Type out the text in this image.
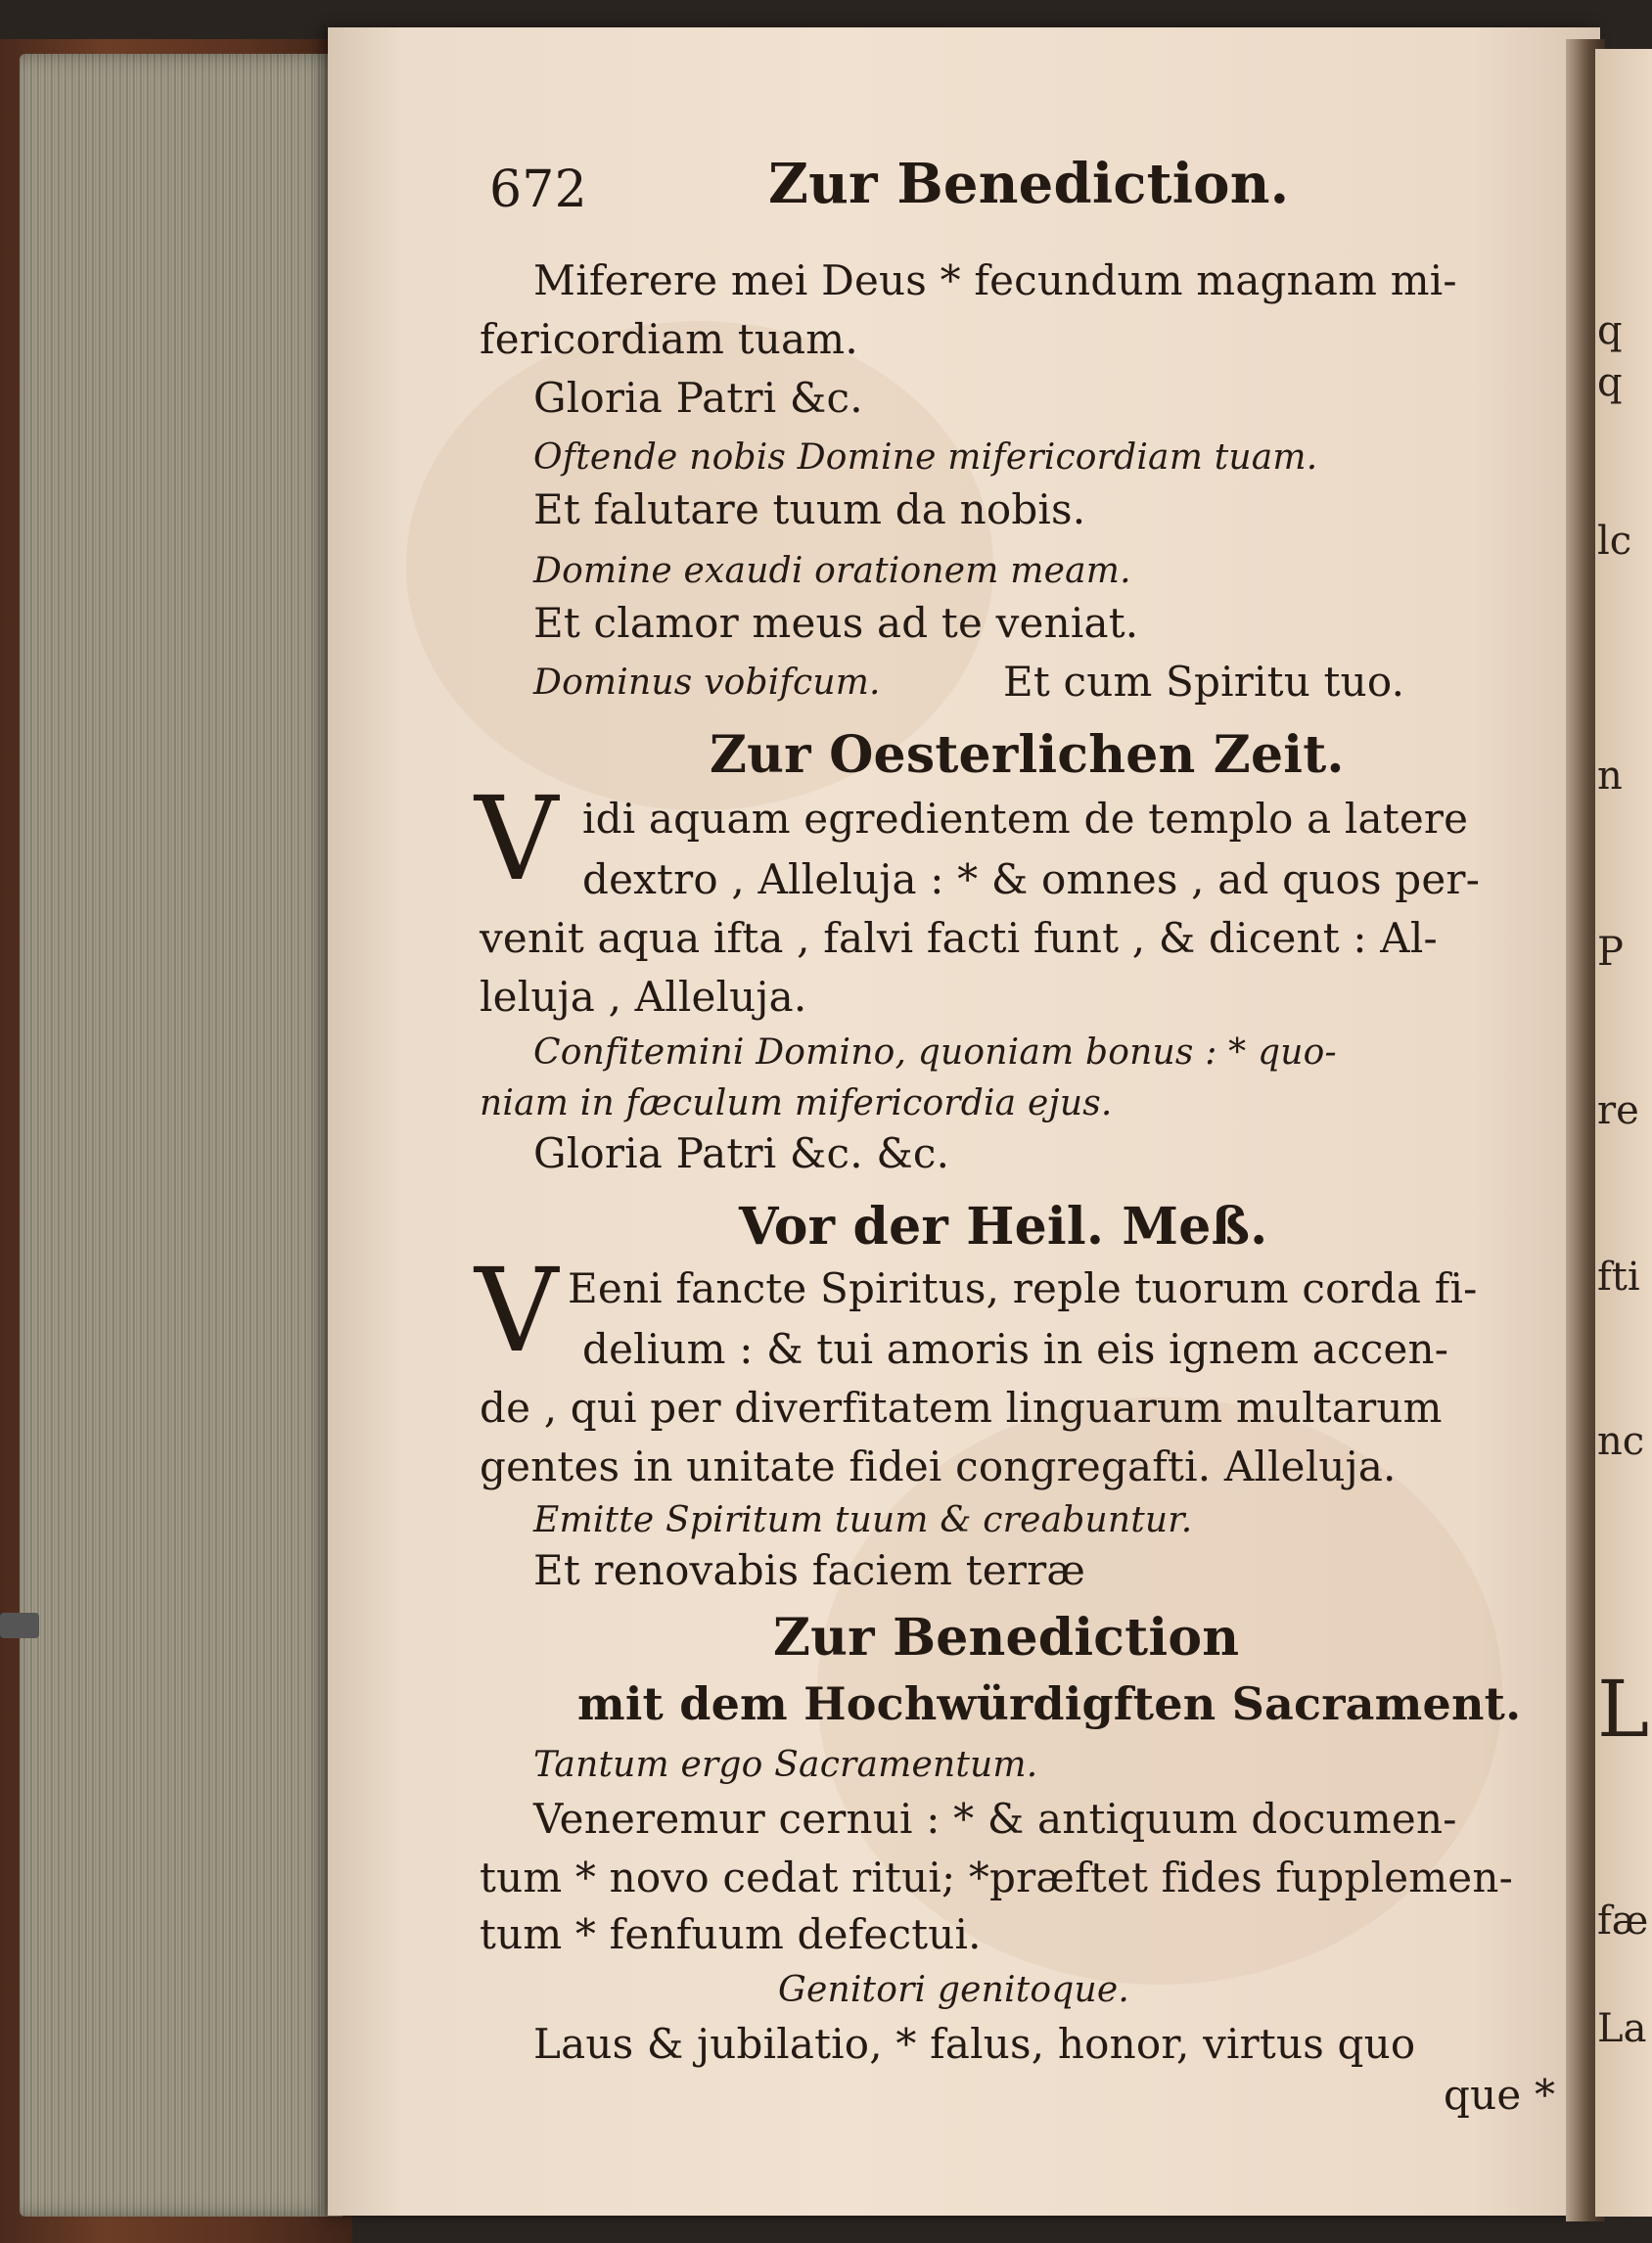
672	Zur Benediction.
Miferere mei Deus * fecundum magnam mi-
fericordiam tuam.
Gloria Patri &c.
Oftende nobis Domine mifericordiam tuam.
Et falutare tuum da nobis.
Domine exaudi orationem meam.
Et clamor meus ad te veniat.
Dominus vobifcum.	Et cum Spiritu tuo.
Zur Oesterlichen Zeit.
V idi aquam egredientem de templo a latere
dextro , Alleluja : * & omnes , ad quos per-
venit aqua ifta , falvi facti funt , & dicent : Al-
leluja , Alleluja.
Confitemini Domino, quoniam bonus : * quo-
niam in fæculum mifericordia ejus.
Gloria Patri &c. &c.
Vor der Heil. Meß.
V Eeni fancte Spiritus, reple tuorum corda fi-
delium : & tui amoris in eis ignem accen-
de , qui per diverfitatem linguarum multarum
gentes in unitate fidei congregafti. Alleluja.
Emitte Spiritum tuum & creabuntur.
Et renovabis faciem terræ
Zur Benediction
mit dem Hochwürdigften Sacrament.
Tantum ergo Sacramentum.
Veneremur cernui : * & antiquum documen-
tum * novo cedat ritui; *præftet fides fupplemen-
tum * fenfuum defectui.
Genitori genitoque.
Laus & jubilatio, * falus, honor, virtus quo
que *
q
q
lc
n
P
re
fti
nc
L
fæ
La
